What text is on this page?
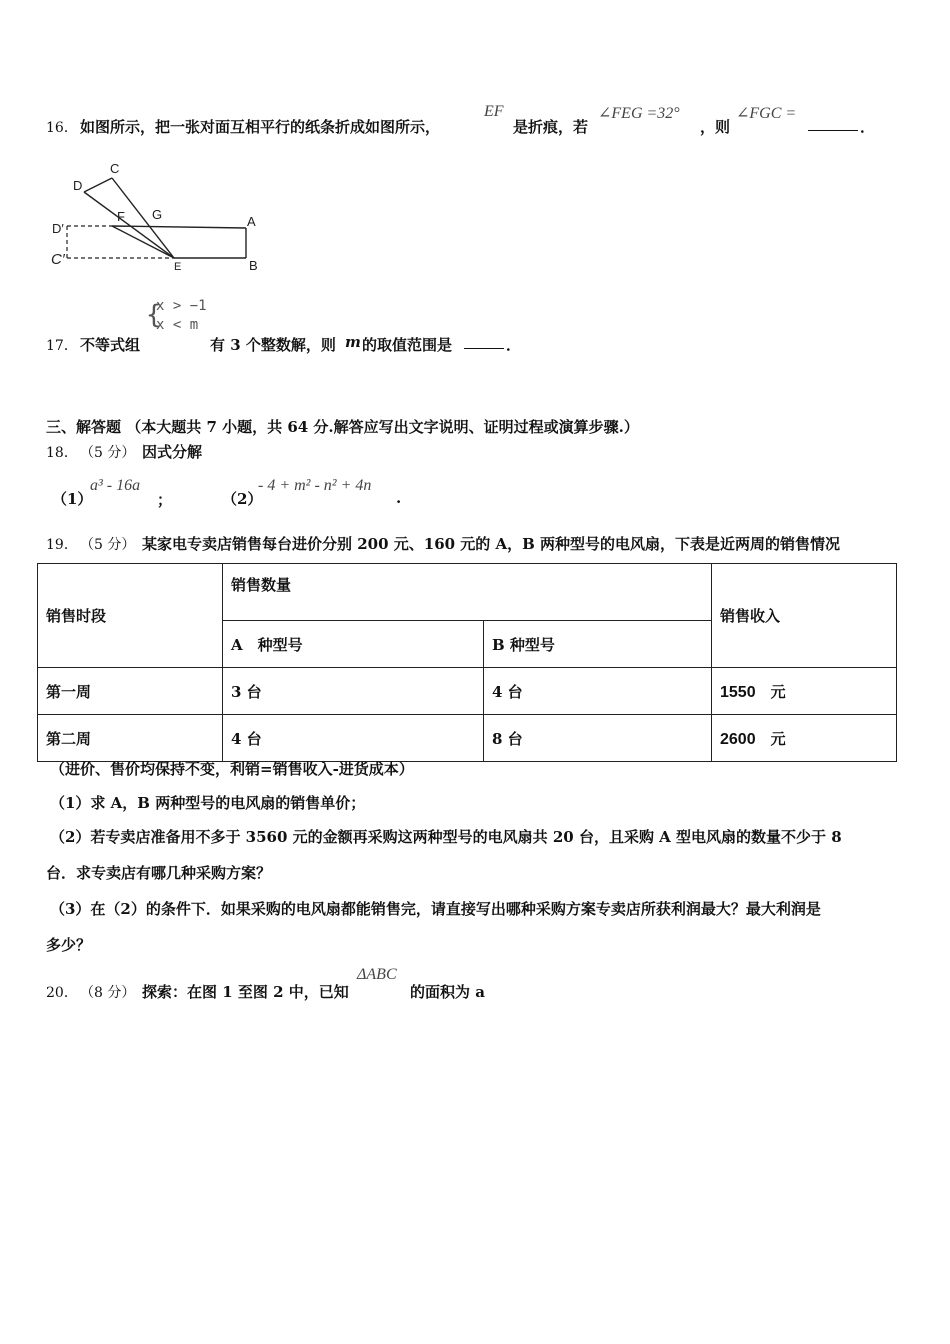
16． 如图所示，把一张对面互相平行的纸条折成如图所示，
EF
是折痕，若
∠FEG =32°
，则
∠FGC =
．
C
D
F G	A
D′
C′	E	B
17． 不等式组
{
x > −1
x < m
有 3 个整数解，则 m 的取值范围是	．
三、解答题 （本大题共 7 小题，共 64 分.解答应写出文字说明、证明过程或演算步骤.）
18． （5 分） 因式分解
（1）
a³ - 16a
；	（2）
- 4 + m² - n² + 4n
.
19． （5 分） 某家电专卖店销售每台进价分别 200 元、160 元的 A，B 两种型号的电风扇，下表是近两周的销售情况
销售时段	销售数量		销售收入
	A　种型号	B 种型号	
第一周	3 台	4 台	1550　 元
第二周	4 台	8 台	2600　 元
（进价、售价均保持不变，利销=销售收入-进货成本）
（1）求 A，B 两种型号的电风扇的销售单价；
（2）若专卖店准备用不多于 3560 元的金额再采购这两种型号的电风扇共 20 台，且采购 A 型电风扇的数量不少于 8
台．求专卖店有哪几种采购方案？
（3）在（2）的条件下．如果采购的电风扇都能销售完，请直接写出哪种采购方案专卖店所获利润最大？最大利润是
多少？
20． （8 分） 探索：在图 1 至图 2 中，已知
ΔABC
的面积为 a
